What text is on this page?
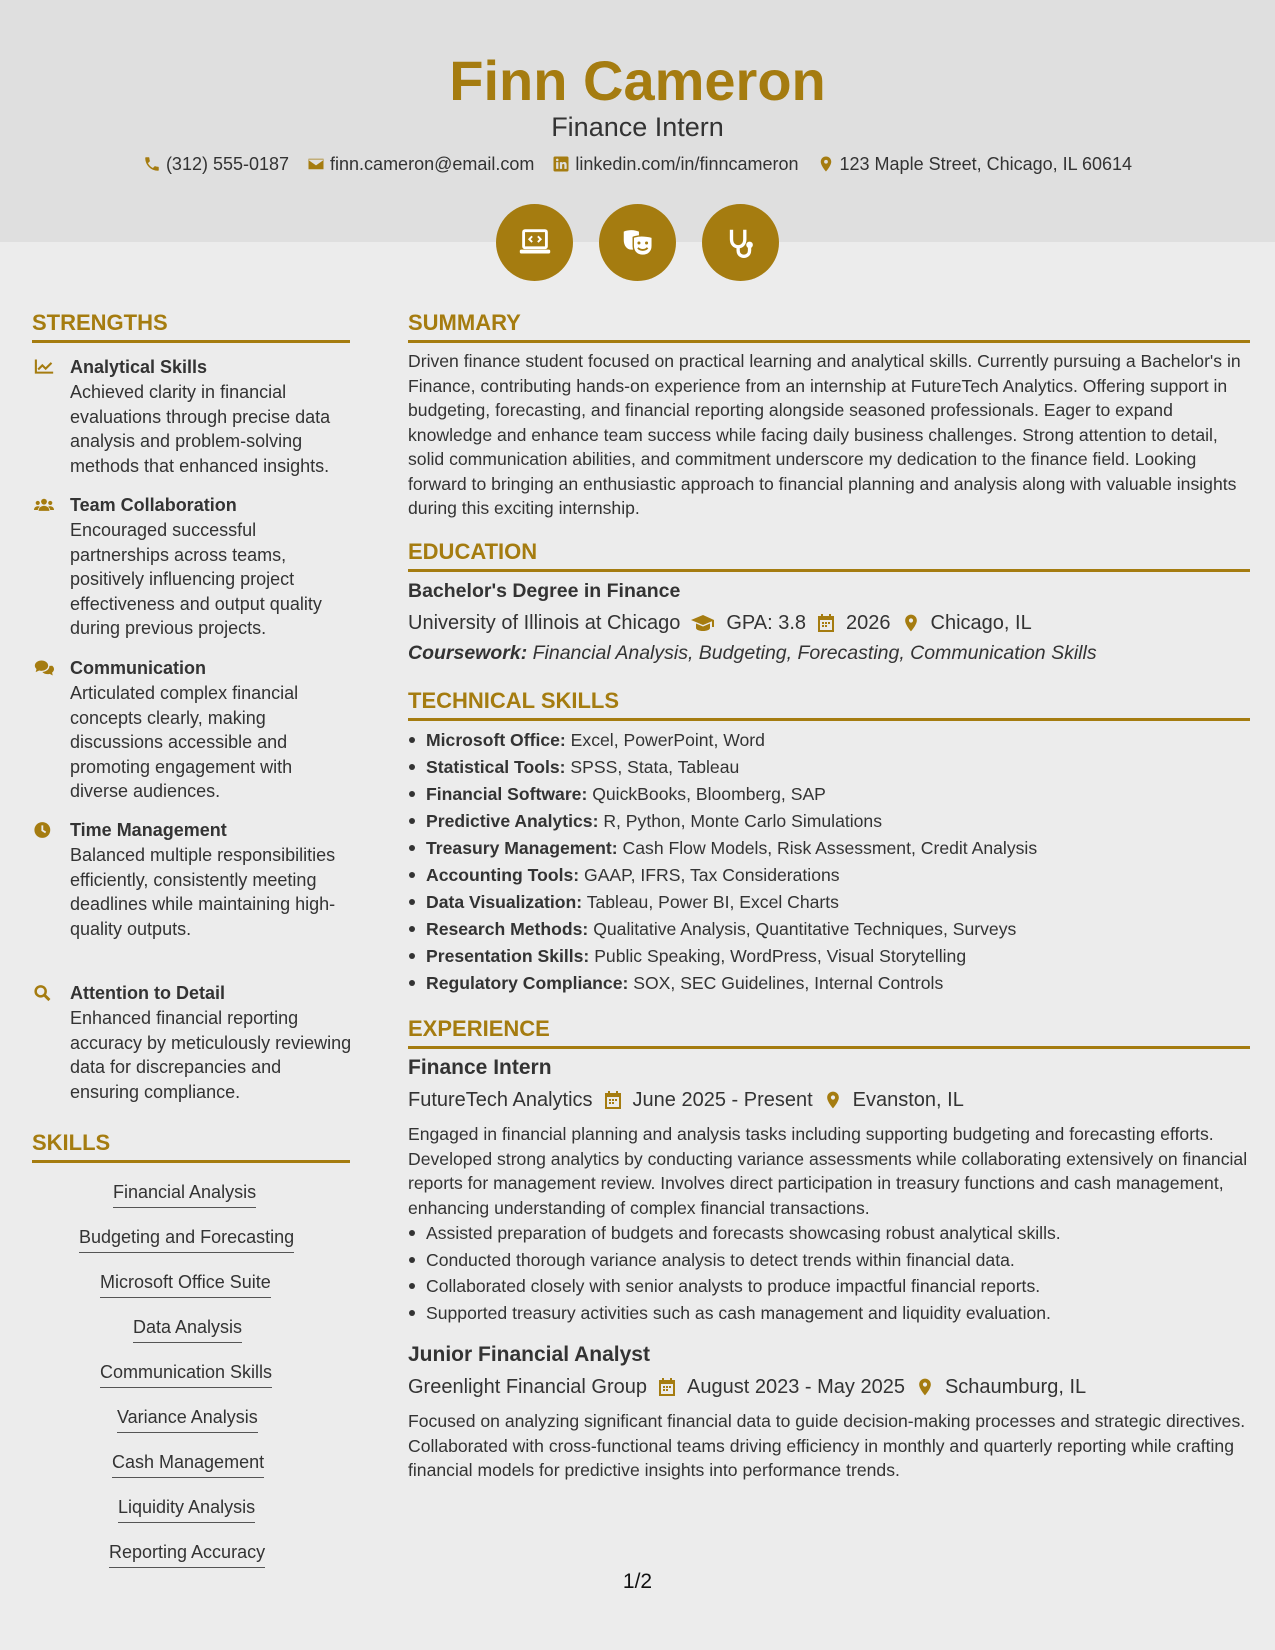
Finn Cameron
Finance Intern
(312) 555-0187 finn.cameron@email.com linkedin.com/in/finncameron 123 Maple Street, Chicago, IL 60614
STRENGTHS
Analytical Skills
Achieved clarity in financial evaluations through precise data analysis and problem-solving methods that enhanced insights.
Team Collaboration
Encouraged successful partnerships across teams, positively influencing project effectiveness and output quality during previous projects.
Communication
Articulated complex financial concepts clearly, making discussions accessible and promoting engagement with diverse audiences.
Time Management
Balanced multiple responsibilities efficiently, consistently meeting deadlines while maintaining high-quality outputs.
Attention to Detail
Enhanced financial reporting accuracy by meticulously reviewing data for discrepancies and ensuring compliance.
SKILLS
Financial Analysis
Budgeting and Forecasting
Microsoft Office Suite
Data Analysis
Communication Skills
Variance Analysis
Cash Management
Liquidity Analysis
Reporting Accuracy
SUMMARY
Driven finance student focused on practical learning and analytical skills. Currently pursuing a Bachelor's in Finance, contributing hands-on experience from an internship at FutureTech Analytics. Offering support in budgeting, forecasting, and financial reporting alongside seasoned professionals. Eager to expand knowledge and enhance team success while facing daily business challenges. Strong attention to detail, solid communication abilities, and commitment underscore my dedication to the finance field. Looking forward to bringing an enthusiastic approach to financial planning and analysis along with valuable insights during this exciting internship.
EDUCATION
Bachelor's Degree in Finance
University of Illinois at Chicago GPA: 3.8 2026 Chicago, IL
Coursework: Financial Analysis, Budgeting, Forecasting, Communication Skills
TECHNICAL SKILLS
Microsoft Office: Excel, PowerPoint, Word
Statistical Tools: SPSS, Stata, Tableau
Financial Software: QuickBooks, Bloomberg, SAP
Predictive Analytics: R, Python, Monte Carlo Simulations
Treasury Management: Cash Flow Models, Risk Assessment, Credit Analysis
Accounting Tools: GAAP, IFRS, Tax Considerations
Data Visualization: Tableau, Power BI, Excel Charts
Research Methods: Qualitative Analysis, Quantitative Techniques, Surveys
Presentation Skills: Public Speaking, WordPress, Visual Storytelling
Regulatory Compliance: SOX, SEC Guidelines, Internal Controls
EXPERIENCE
Finance Intern
FutureTech Analytics June 2025 - Present Evanston, IL
Engaged in financial planning and analysis tasks including supporting budgeting and forecasting efforts. Developed strong analytics by conducting variance assessments while collaborating extensively on financial reports for management review. Involves direct participation in treasury functions and cash management, enhancing understanding of complex financial transactions.
Assisted preparation of budgets and forecasts showcasing robust analytical skills.
Conducted thorough variance analysis to detect trends within financial data.
Collaborated closely with senior analysts to produce impactful financial reports.
Supported treasury activities such as cash management and liquidity evaluation.
Junior Financial Analyst
Greenlight Financial Group August 2023 - May 2025 Schaumburg, IL
Focused on analyzing significant financial data to guide decision-making processes and strategic directives. Collaborated with cross-functional teams driving efficiency in monthly and quarterly reporting while crafting financial models for predictive insights into performance trends.
1/2
